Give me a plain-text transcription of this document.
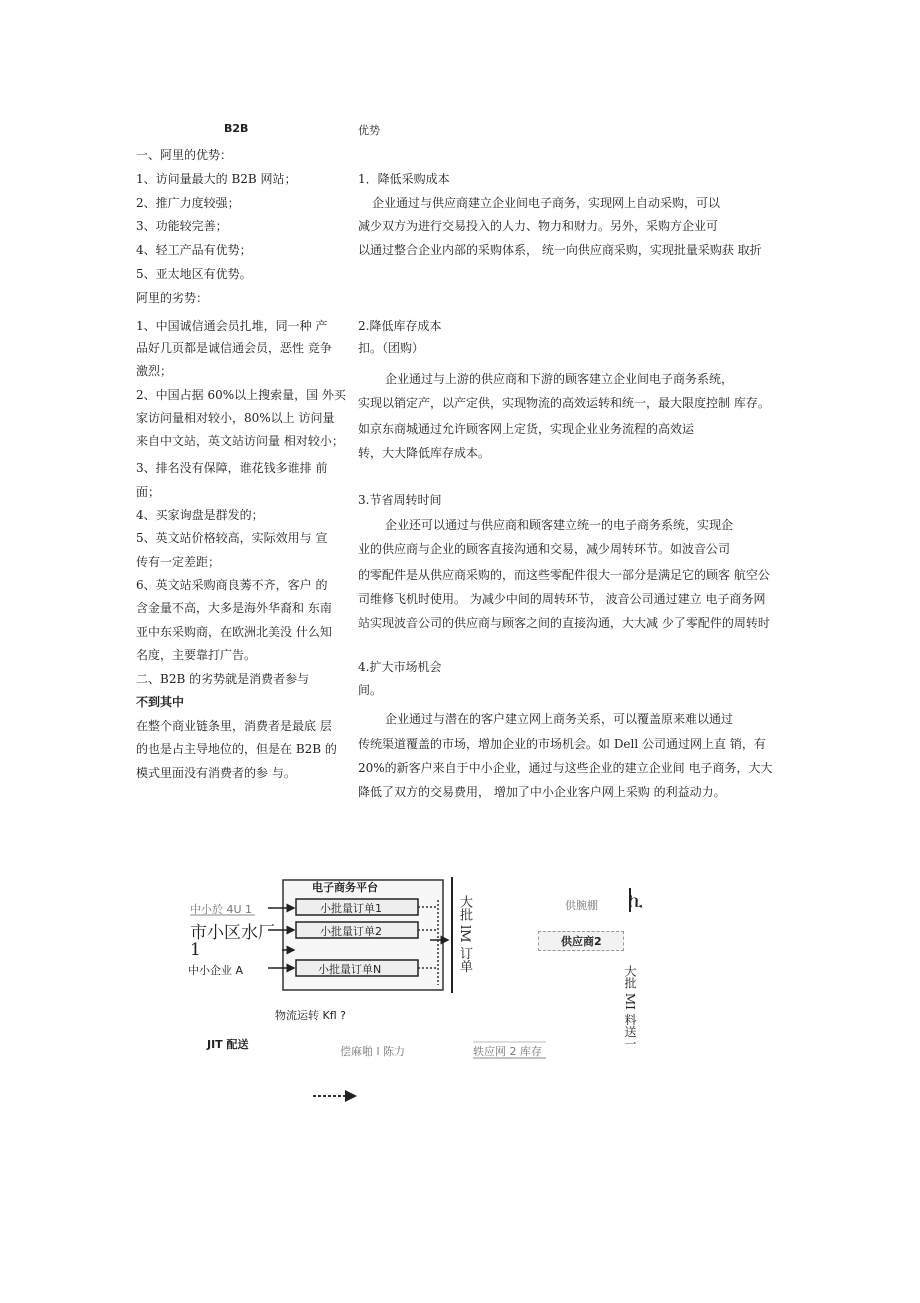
B2B	优势
一、阿里的优势：
1、访问量最大的 B2B 网站；
2、推广力度较强；
3、功能较完善；
4、轻工产品有优势；
5、亚太地区有优势。
阿里的劣势：
1、中国诚信通会员扎堆，同一种 产
品好几页都是诚信通会员，恶性 竞争
激烈；
2、中国占据 60%以上搜索量，国 外买
家访问量相对较小，80%以上 访问量
来自中文站，英文站访问量 相对较小；
3、排名没有保障，谁花钱多谁排 前
面；
4、买家询盘是群发的；
5、英文站价格较高，实际效用与 宣
传有一定差距；
6、英文站采购商良莠不齐，客户 的
含金量不高，大多是海外华裔和 东南
亚中东采购商，在欧洲北美没 什么知
名度，主要靠打广告。
二、B2B 的劣势就是消费者参与
不到其中
在整个商业链条里，消费者是最底 层
的也是占主导地位的，但是在 B2B 的
模式里面没有消费者的参 与。
1．降低采购成本
企业通过与供应商建立企业间电子商务，实现网上自动采购，可以
减少双方为进行交易投入的人力、物力和财力。另外，采购方企业可
以通过整合企业内部的采购体系， 统一向供应商采购，实现批量采购获 取折
2.降低库存成本
扣。（团购）
企业通过与上游的供应商和下游的顾客建立企业间电子商务系统，
实现以销定产，以产定供，实现物流的高效运转和统一，最大限度控制 库存。
如京东商城通过允许顾客网上定货，实现企业业务流程的高效运
转，大大降低库存成本。
3.节省周转时间
企业还可以通过与供应商和顾客建立统一的电子商务系统，实现企
业的供应商与企业的顾客直接沟通和交易，减少周转环节。如波音公司
的零配件是从供应商采购的，而这些零配件很大一部分是满足它的顾客 航空公
司维修飞机时使用。 为减少中间的周转环节， 波音公司通过建立 电子商务网
站实现波音公司的供应商与顾客之间的直接沟通，大大减 少了零配件的周转时
4.扩大市场机会
间。
企业通过与潜在的客户建立网上商务关系，可以覆盖原来难以通过
传统渠道覆盖的市场，增加企业的市场机会。如 Dell 公司通过网上直 销，有
20%的新客户来自于中小企业，通过与这些企业的建立企业间 电子商务，大大
降低了双方的交易费用， 增加了中小企业客户网上采购 的利益动力。
电子商务平台
小批量订单1
小批量订单2
小批量订单N
中小於 4U 1
市小区水厂
1
中小企业 A	大批 lM 订单	供腕棚 ኪ
供应商2
大批 MI 料送一
物流运转 Kfl ?
JIT 配送
偿麻啪 l 陈力	轶应网 2 库存
